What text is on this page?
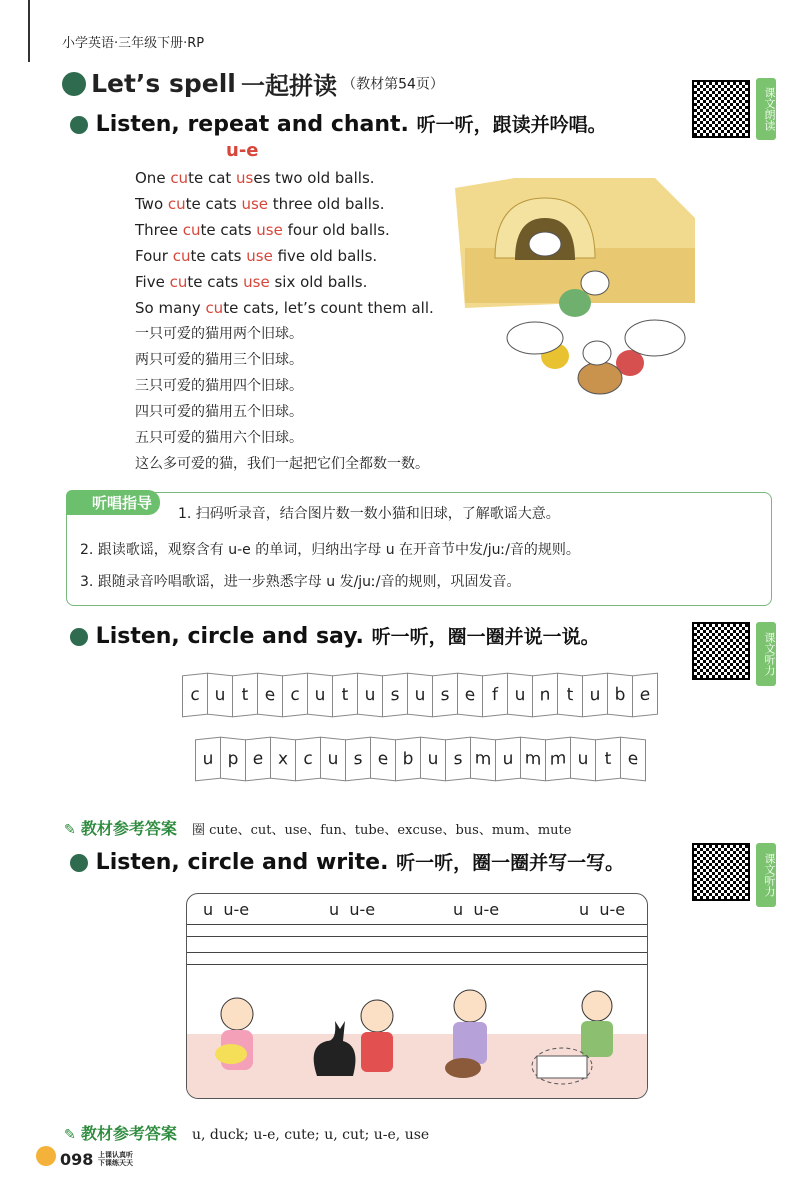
小学英语·三年级下册·RP
Let’s spell 一起拼读 （教材第54页）
课文朗读
Listen, repeat and chant. 听一听，跟读并吟唱。
u-e
One cute cat uses two old balls.
Two cute cats use three old balls.
Three cute cats use four old balls.
Four cute cats use five old balls.
Five cute cats use six old balls.
So many cute cats, let’s count them all.
一只可爱的猫用两个旧球。
两只可爱的猫用三个旧球。
三只可爱的猫用四个旧球。
四只可爱的猫用五个旧球。
五只可爱的猫用六个旧球。
这么多可爱的猫，我们一起把它们全都数一数。
听唱指导
1. 扫码听录音，结合图片数一数小猫和旧球，了解歌谣大意。
2. 跟读歌谣，观察含有 u-e 的单词，归纳出字母 u 在开音节中发/juː/音的规则。
3. 跟随录音吟唱歌谣，进一步熟悉字母 u 发/juː/音的规则，巩固发音。
课文听力
Listen, circle and say. 听一听，圈一圈并说一说。
c u t e c u t u s u s e f u n t u b e
u p e x c u s e b u s m u m m u t e
✎ 教材参考答案 圈 cute、cut、use、fun、tube、excuse、bus、mum、mute
课文听力
Listen, circle and write. 听一听，圈一圈并写一写。
u  u-e	u  u-e	u  u-e	u  u-e
✎ 教材参考答案 u, duck; u-e, cute; u, cut; u-e, use
098 上课认真听
下课练天天
